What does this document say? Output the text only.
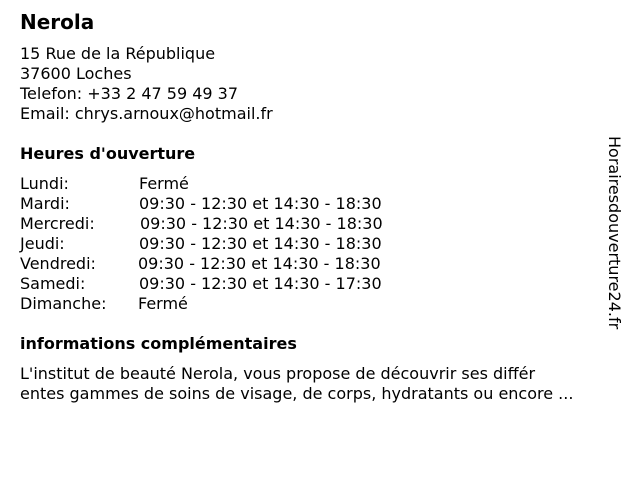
Nerola
15 Rue de la République
37600 Loches
Telefon: +33 2 47 59 49 37
Email: chrys.arnoux@hotmail.fr
Heures d'ouverture
Lundi:	Fermé
Mardi:	09:30 - 12:30 et 14:30 - 18:30
Mercredi:	09:30 - 12:30 et 14:30 - 18:30
Jeudi:	09:30 - 12:30 et 14:30 - 18:30
Vendredi:	09:30 - 12:30 et 14:30 - 18:30
Samedi:	09:30 - 12:30 et 14:30 - 17:30
Dimanche: Fermé
informations complémentaires
L'institut de beauté Nerola, vous propose de découvrir ses différ
entes gammes de soins de visage, de corps, hydratants ou encore ...
Horairesdouverture24.fr
